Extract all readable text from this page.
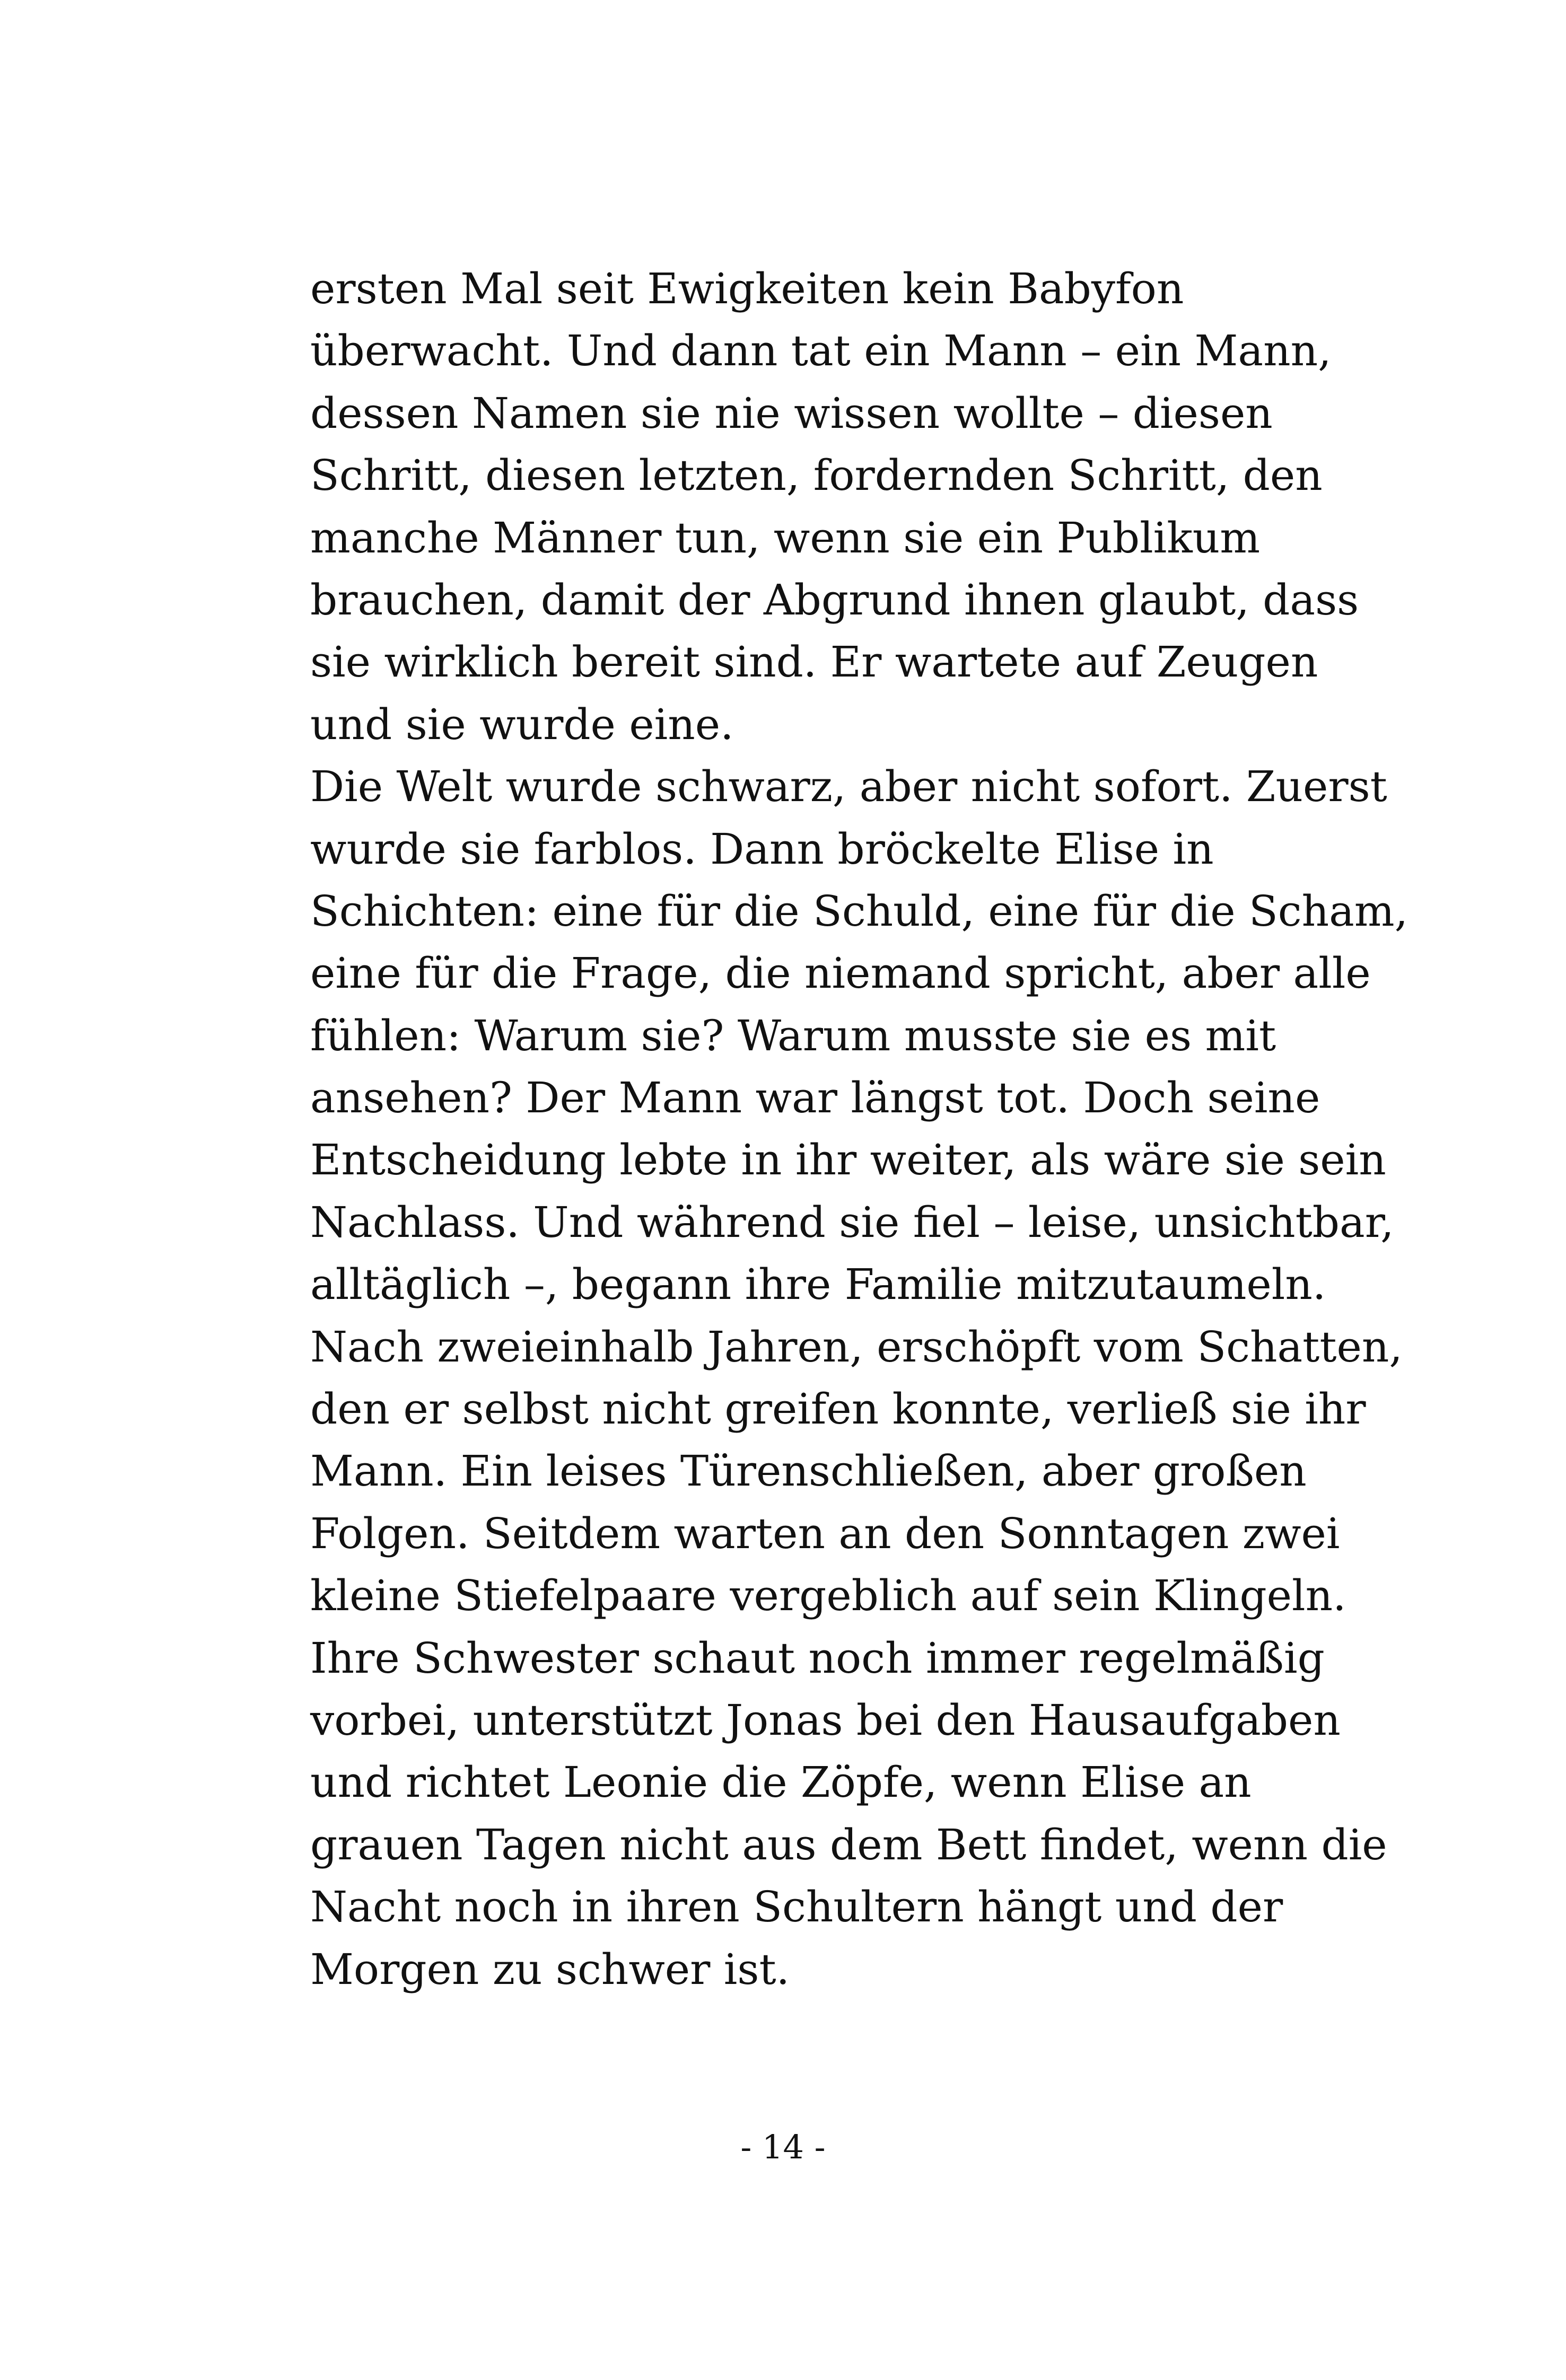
ersten Mal seit Ewigkeiten kein Babyfon
überwacht. Und dann tat ein Mann – ein Mann,
dessen Namen sie nie wissen wollte – diesen
Schritt, diesen letzten, fordernden Schritt, den
manche Männer tun, wenn sie ein Publikum
brauchen, damit der Abgrund ihnen glaubt, dass
sie wirklich bereit sind. Er wartete auf Zeugen
und sie wurde eine.
Die Welt wurde schwarz, aber nicht sofort. Zuerst
wurde sie farblos. Dann bröckelte Elise in
Schichten: eine für die Schuld, eine für die Scham,
eine für die Frage, die niemand spricht, aber alle
fühlen: Warum sie? Warum musste sie es mit
ansehen? Der Mann war längst tot. Doch seine
Entscheidung lebte in ihr weiter, als wäre sie sein
Nachlass. Und während sie fiel – leise, unsichtbar,
alltäglich –, begann ihre Familie mitzutaumeln.
Nach zweieinhalb Jahren, erschöpft vom Schatten,
den er selbst nicht greifen konnte, verließ sie ihr
Mann. Ein leises Türenschließen, aber großen
Folgen. Seitdem warten an den Sonntagen zwei
kleine Stiefelpaare vergeblich auf sein Klingeln.
Ihre Schwester schaut noch immer regelmäßig
vorbei, unterstützt Jonas bei den Hausaufgaben
und richtet Leonie die Zöpfe, wenn Elise an
grauen Tagen nicht aus dem Bett findet, wenn die
Nacht noch in ihren Schultern hängt und der
Morgen zu schwer ist.
- 14 -
